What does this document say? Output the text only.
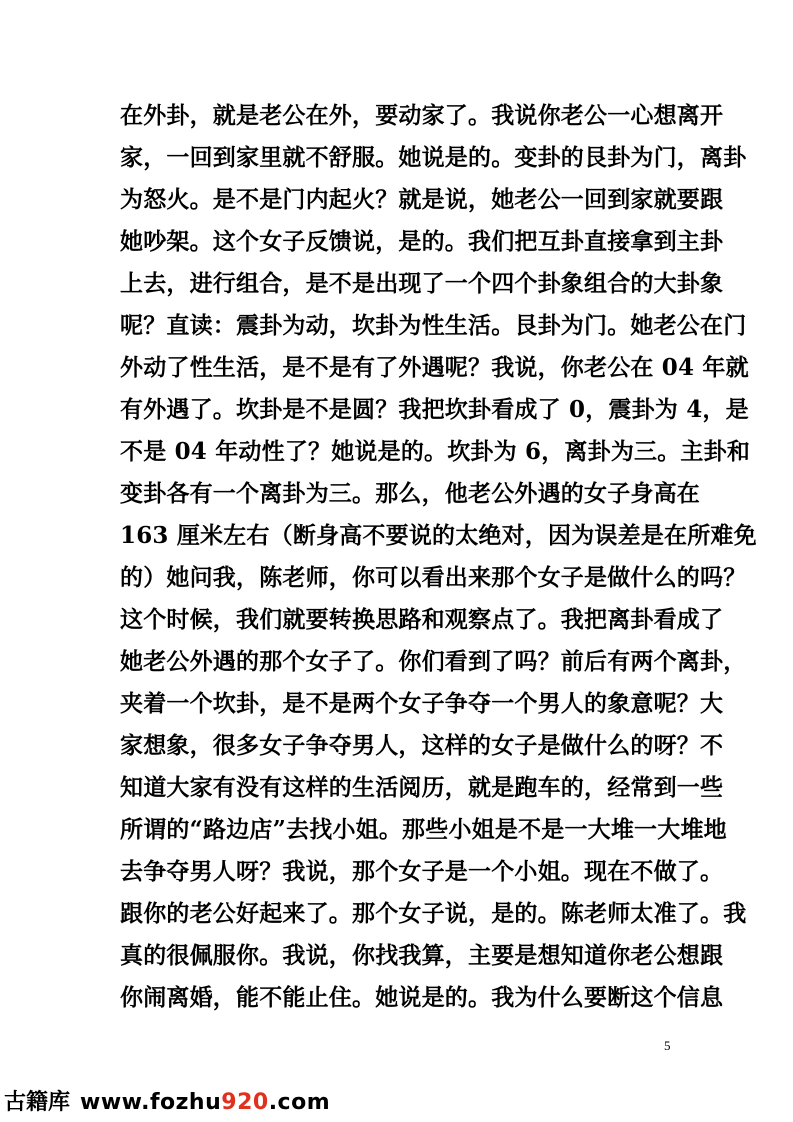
在外卦，就是老公在外，要动家了。我说你老公一心想离开
家，一回到家里就不舒服。她说是的。变卦的艮卦为门，离卦
为怒火。是不是门内起火？就是说，她老公一回到家就要跟
她吵架。这个女子反馈说，是的。我们把互卦直接拿到主卦
上去，进行组合，是不是出现了一个四个卦象组合的大卦象
呢？直读：震卦为动，坎卦为性生活。艮卦为门。她老公在门
外动了性生活，是不是有了外遇呢？我说，你老公在 04 年就
有外遇了。坎卦是不是圆？我把坎卦看成了 0，震卦为 4，是
不是 04 年动性了？她说是的。坎卦为 6，离卦为三。主卦和
变卦各有一个离卦为三。那么，他老公外遇的女子身高在
163 厘米左右（断身高不要说的太绝对，因为误差是在所难免
的）她问我，陈老师，你可以看出来那个女子是做什么的吗？
这个时候，我们就要转换思路和观察点了。我把离卦看成了
她老公外遇的那个女子了。你们看到了吗？前后有两个离卦，
夹着一个坎卦，是不是两个女子争夺一个男人的象意呢？大
家想象，很多女子争夺男人，这样的女子是做什么的呀？不
知道大家有没有这样的生活阅历，就是跑车的，经常到一些
所谓的“路边店”去找小姐。那些小姐是不是一大堆一大堆地
去争夺男人呀？我说，那个女子是一个小姐。现在不做了。
跟你的老公好起来了。那个女子说，是的。陈老师太准了。我
真的很佩服你。我说，你找我算，主要是想知道你老公想跟
你闹离婚，能不能止住。她说是的。我为什么要断这个信息
5
古籍库 www.fozhu920.com
